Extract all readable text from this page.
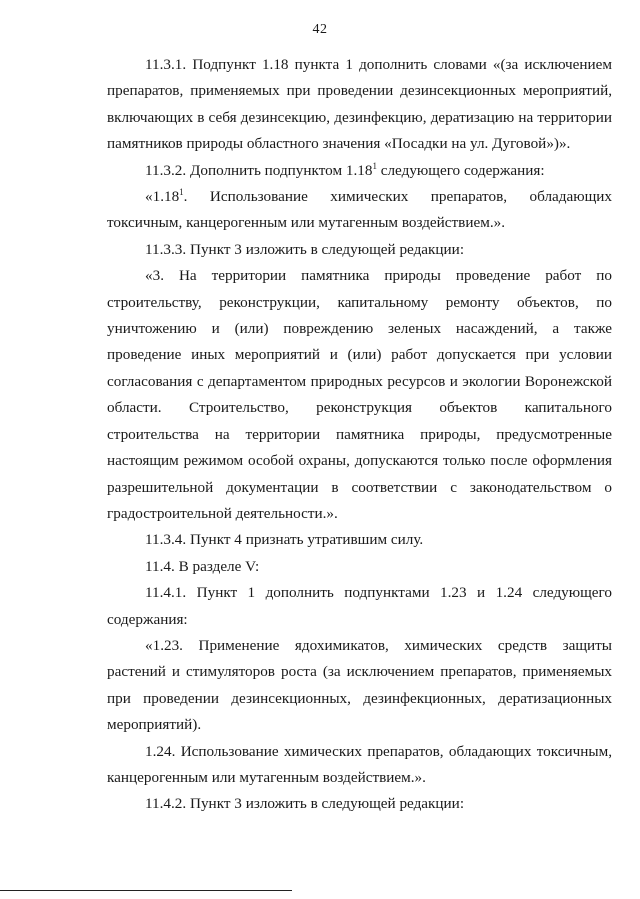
42

11.3.1. Подпункт 1.18 пункта 1 дополнить словами «(за исключением препаратов, применяемых при проведении дезинсекционных мероприятий, включающих в себя дезинсекцию, дезинфекцию, дератизацию на территории памятников природы областного значения «Посадки на ул. Дуговой»)».

11.3.2. Дополнить подпунктом 1.18$^1$ следующего содержания:

«1.18$^1$. Использование химических препаратов, обладающих токсичным, канцерогенным или мутагенным воздействием.».

11.3.3. Пункт 3 изложить в следующей редакции:

«3. На территории памятника природы проведение работ по строительству, реконструкции, капитальному ремонту объектов, по уничтожению и (или) повреждению зеленых насаждений, а также проведение иных мероприятий и (или) работ допускается при условии согласования с департаментом природных ресурсов и экологии Воронежской области. Строительство, реконструкция объектов капитального строительства на территории памятника природы, предусмотренные настоящим режимом особой охраны, допускаются только после оформления разрешительной документации в соответствии с законодательством о градостроительной деятельности.».

11.3.4. Пункт 4 признать утратившим силу.

11.4. В разделе V:

11.4.1. Пункт 1 дополнить подпунктами 1.23 и 1.24 следующего содержания:

«1.23. Применение ядохимикатов, химических средств защиты растений и стимуляторов роста (за исключением препаратов, применяемых при проведении дезинсекционных, дезинфекционных, дератизационных мероприятий).

1.24. Использование химических препаратов, обладающих токсичным, канцерогенным или мутагенным воздействием.».

11.4.2. Пункт 3 изложить в следующей редакции:
